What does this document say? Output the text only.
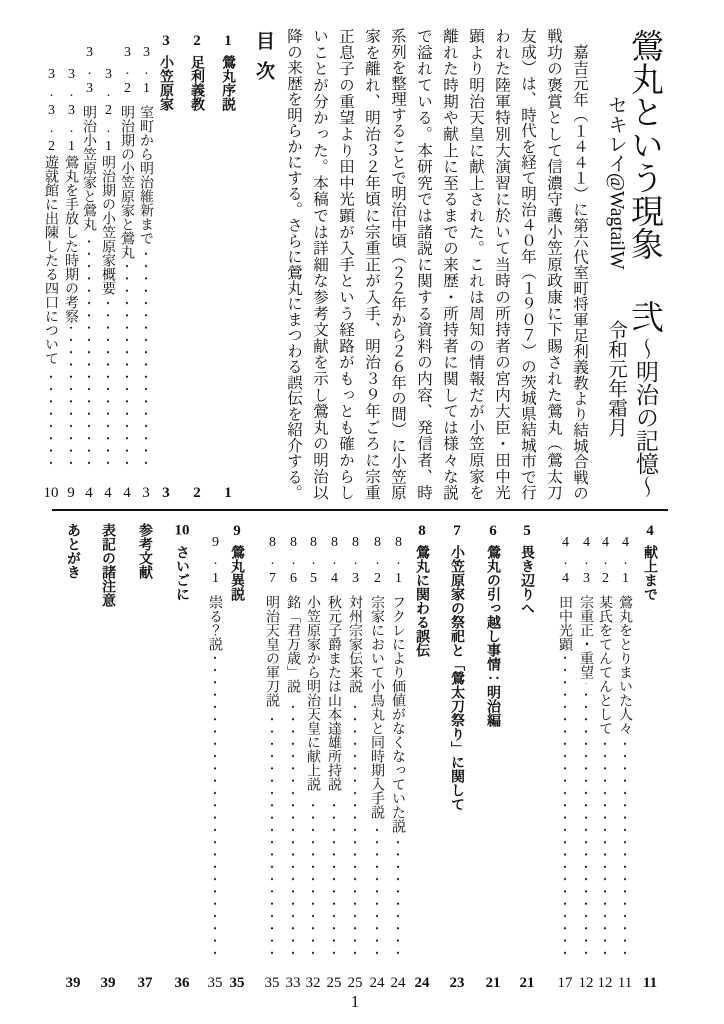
鶯丸という現象
弐
〜明治の記憶〜
セキレイ@WagtailW
令和元年霜月
嘉吉元年（１４４１）に第六代室町将軍足利義教より結城合戦の
戦功の褒賞として信濃守護小笠原政康に下賜された鶯丸（鶯太刀
友成）は、時代を経て明治４０年（１９０７）の茨城県結城市で行
われた陸軍特別大演習に於いて当時の所持者の宮内大臣・田中光
顕より明治天皇に献上された。これは周知の情報だが小笠原家を
離れた時期や献上に至るまでの来歴・所持者に関しては様々な説
で溢れている。本研究では諸説に関する資料の内容、発信者、時
系列を整理することで明治中頃（２２年から２６年の間）に小笠原
家を離れ、明治３２年頃に宗重正が入手、明治３９年ごろに宗重
正息子の重望より田中光顕が入手という経路がもっとも確からし
いことが分かった。本稿では詳細な参考文献を示し鶯丸の明治以
降の来歴を明らかにする。さらに鶯丸にまつわる誤伝を紹介する。
目次
1
鶯丸序説
1
2
足利義教
2
3
小笠原家
3
3.1
室町から明治維新まで
3
3.2
明治期の小笠原家と鶯丸
4
3.2.1
明治期の小笠原家概要
4
3.3
明治小笠原家と鶯丸
4
3.3.1
鶯丸を手放した時期の考察
9
3.3.2
遊就館に出陳したる四口について
10
4
献上まで
11
4.1
鶯丸をとりまいた人々
11
4.2
某氏をてんてんとして
12
4.3
宗重正・重望
12
4.4
田中光顕
17
5
畏き辺りへ
21
6
鶯丸の引っ越し事情：明治編
21
7
小笠原家の祭祀と「鶯太刀祭り」に関して
23
8
鶯丸に関わる誤伝
24
8.1
フクレにより価値がなくなっていた説
24
8.2
宗家において小鳥丸と同時期入手説
24
8.3
対州宗家伝来説
25
8.4
秋元子爵または山本達雄所持説
25
8.5
小笠原家から明治天皇に献上説
32
8.6
銘「君万歳」説
33
8.7
明治天皇の軍刀説
35
9
鶯丸異説
35
9.1
祟る？説
35
10
さいごに
36
参考文献
37
表記の諸注意
39
あとがき
39
1
